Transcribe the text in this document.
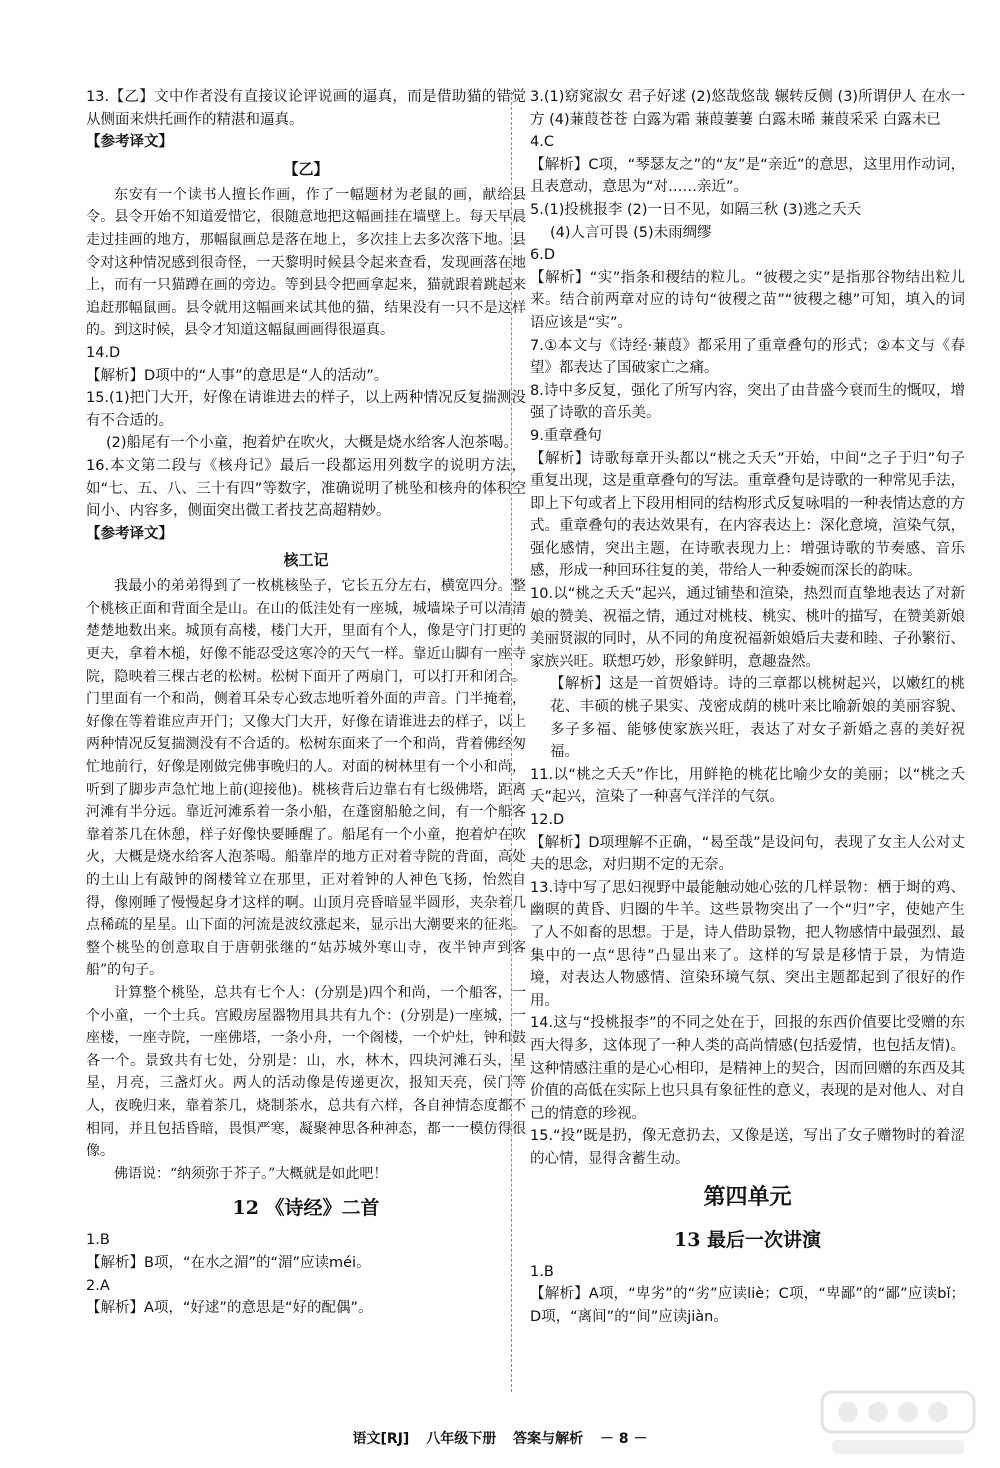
13.【乙】文中作者没有直接议论评说画的逼真，而是借助猫的错觉从侧面来烘托画作的精湛和逼真。

【参考译文】

【乙】

东安有一个读书人擅长作画，作了一幅题材为老鼠的画，献给县令。县令开始不知道爱惜它，很随意地把这幅画挂在墙壁上。每天早晨走过挂画的地方，那幅鼠画总是落在地上，多次挂上去多次落下地。县令对这种情况感到很奇怪，一天黎明时候县令起来查看，发现画落在地上，而有一只猫蹲在画的旁边。等到县令把画拿起来，猫就跟着跳起来追赶那幅鼠画。县令就用这幅画来试其他的猫，结果没有一只不是这样的。到这时候，县令才知道这幅鼠画画得很逼真。

14.D

【解析】D项中的“人事”的意思是“人的活动”。

15.(1)把门大开，好像在请谁进去的样子，以上两种情况反复揣测没有不合适的。

(2)船尾有一个小童，抱着炉在吹火，大概是烧水给客人泡茶喝。

16.本文第二段与《核舟记》最后一段都运用列数字的说明方法，如“七、五、八、三十有四”等数字，准确说明了桃坠和核舟的体积空间小、内容多，侧面突出微工者技艺高超精妙。

【参考译文】

核工记

我最小的弟弟得到了一枚桃核坠子，它长五分左右，横宽四分。整个桃核正面和背面全是山。在山的低洼处有一座城，城墙垛子可以清清楚楚地数出来。城顶有高楼，楼门大开，里面有个人，像是守门打更的更夫，拿着木槌，好像不能忍受这寒冷的天气一样。靠近山脚有一座寺院，隐映着三棵古老的松树。松树下面开了两扇门，可以打开和闭合。门里面有一个和尚，侧着耳朵专心致志地听着外面的声音。门半掩着，好像在等着谁应声开门；又像大门大开，好像在请谁进去的样子，以上两种情况反复揣测没有不合适的。松树东面来了一个和尚，背着佛经匆忙地前行，好像是刚做完佛事晚归的人。对面的树林里有一个小和尚，听到了脚步声急忙地上前(迎接他)。桃核背后边靠右有七级佛塔，距离河滩有半分远。靠近河滩系着一条小船，在蓬窗船舱之间，有一个船客靠着茶几在休憩，样子好像快要睡醒了。船尾有一个小童，抱着炉在吹火，大概是烧水给客人泡茶喝。船靠岸的地方正对着寺院的背面，高处的土山上有敲钟的阁楼耸立在那里，正对着钟的人神色飞扬，怡然自得，像刚睡了慢慢起身才这样的啊。山顶月亮昏暗显半圆形，夹杂着几点稀疏的星星。山下面的河流是波纹涨起来，显示出大潮要来的征兆。整个桃坠的创意取自于唐朝张继的“姑苏城外寒山寺，夜半钟声到客船”的句子。

计算整个桃坠，总共有七个人：(分别是)四个和尚，一个船客，一个小童，一个士兵。宫殿房屋器物用具共有九个：(分别是)一座城，一座楼，一座寺院，一座佛塔，一条小舟，一个阁楼，一个炉灶，钟和鼓各一个。景致共有七处，分别是：山，水，林木，四块河滩石头，星星，月亮，三盏灯火。两人的活动像是传递更次，报知天亮，侯门等人，夜晚归来，靠着茶几，烧制茶水，总共有六样，各自神情态度都不相同，并且包括昏暗，畏惧严寒，凝聚神思各种神态，都一一模仿得很像。

佛语说：“纳须弥于芥子。”大概就是如此吧！

12 《诗经》二首

1.B

【解析】B项，“在水之湄”的“湄”应读méi。

2.A

【解析】A项，“好逑”的意思是“好的配偶”。

3.(1)窈窕淑女 君子好逑 (2)悠哉悠哉 辗转反侧 (3)所谓伊人 在水一方 (4)蒹葭苍苍 白露为霜 蒹葭萋萋 白露未晞 蒹葭采采 白露未已

4.C

【解析】C项，“琴瑟友之”的“友”是“亲近”的意思，这里用作动词，且表意动，意思为“对……亲近”。

5.(1)投桃报李 (2)一日不见，如隔三秋 (3)逃之夭夭

(4)人言可畏 (5)未雨绸缪

6.D

【解析】“实”指条和稷结的粒儿。“彼稷之实”是指那谷物结出粒儿来。结合前两章对应的诗句“彼稷之苗”“彼稷之穗”可知，填入的词语应该是“实”。

7.①本文与《诗经·蒹葭》都采用了重章叠句的形式；②本文与《春望》都表达了国破家亡之痛。

8.诗中多反复，强化了所写内容，突出了由昔盛今衰而生的慨叹，增强了诗歌的音乐美。

9.重章叠句

【解析】诗歌每章开头都以“桃之夭夭”开始，中间“之子于归”句子重复出现，这是重章叠句的写法。重章叠句是诗歌的一种常见手法，即上下句或者上下段用相同的结构形式反复咏唱的一种表情达意的方式。重章叠句的表达效果有，在内容表达上：深化意境，渲染气氛，强化感情，突出主题，在诗歌表现力上：增强诗歌的节奏感、音乐感，形成一种回环往复的美，带给人一种委婉而深长的韵味。

10.以“桃之夭夭”起兴，通过铺垫和渲染，热烈而直挚地表达了对新娘的赞美、祝福之情，通过对桃枝、桃实、桃叶的描写，在赞美新娘美丽贤淑的同时，从不同的角度祝福新娘婚后夫妻和睦、子孙繁衍、家族兴旺。联想巧妙，形象鲜明，意趣盎然。

【解析】这是一首贺婚诗。诗的三章都以桃树起兴，以嫩红的桃花、丰硕的桃子果实、茂密成荫的桃叶来比喻新娘的美丽容貌、多子多福、能够使家族兴旺，表达了对女子新婚之喜的美好祝福。

11.以“桃之夭夭”作比，用鲜艳的桃花比喻少女的美丽；以“桃之夭夭”起兴，渲染了一种喜气洋洋的气氛。

12.D

【解析】D项理解不正确，“曷至哉”是设问句，表现了女主人公对丈夫的思念，对归期不定的无奈。

13.诗中写了思妇视野中最能触动她心弦的几样景物：栖于埘的鸡、幽暝的黄昏、归圈的牛羊。这些景物突出了一个“归”字，使她产生了人不如畜的思想。于是，诗人借助景物，把人物感情中最强烈、最集中的一点“思待”凸显出来了。这样的写景是移情于景，为情造境，对表达人物感情、渲染环境气氛、突出主题都起到了很好的作用。

14.这与“投桃报李”的不同之处在于，回报的东西价值要比受赠的东西大得多，这体现了一种人类的高尚情感(包括爱情，也包括友情)。这种情感注重的是心心相印，是精神上的契合，因而回赠的东西及其价值的高低在实际上也只具有象征性的意义，表现的是对他人、对自己的情意的珍视。

15.“投”既是扔，像无意扔去，又像是送，写出了女子赠物时的着涩的心情，显得含蓄生动。

第四单元

13 最后一次讲演

1.B

【解析】A项，“卑劣”的“劣”应读liè；C项，“卑鄙”的“鄙”应读bǐ；D项，“离间”的“间”应读jiàn。

语文[RJ] 八年级下册 答案与解析 － 8 －
